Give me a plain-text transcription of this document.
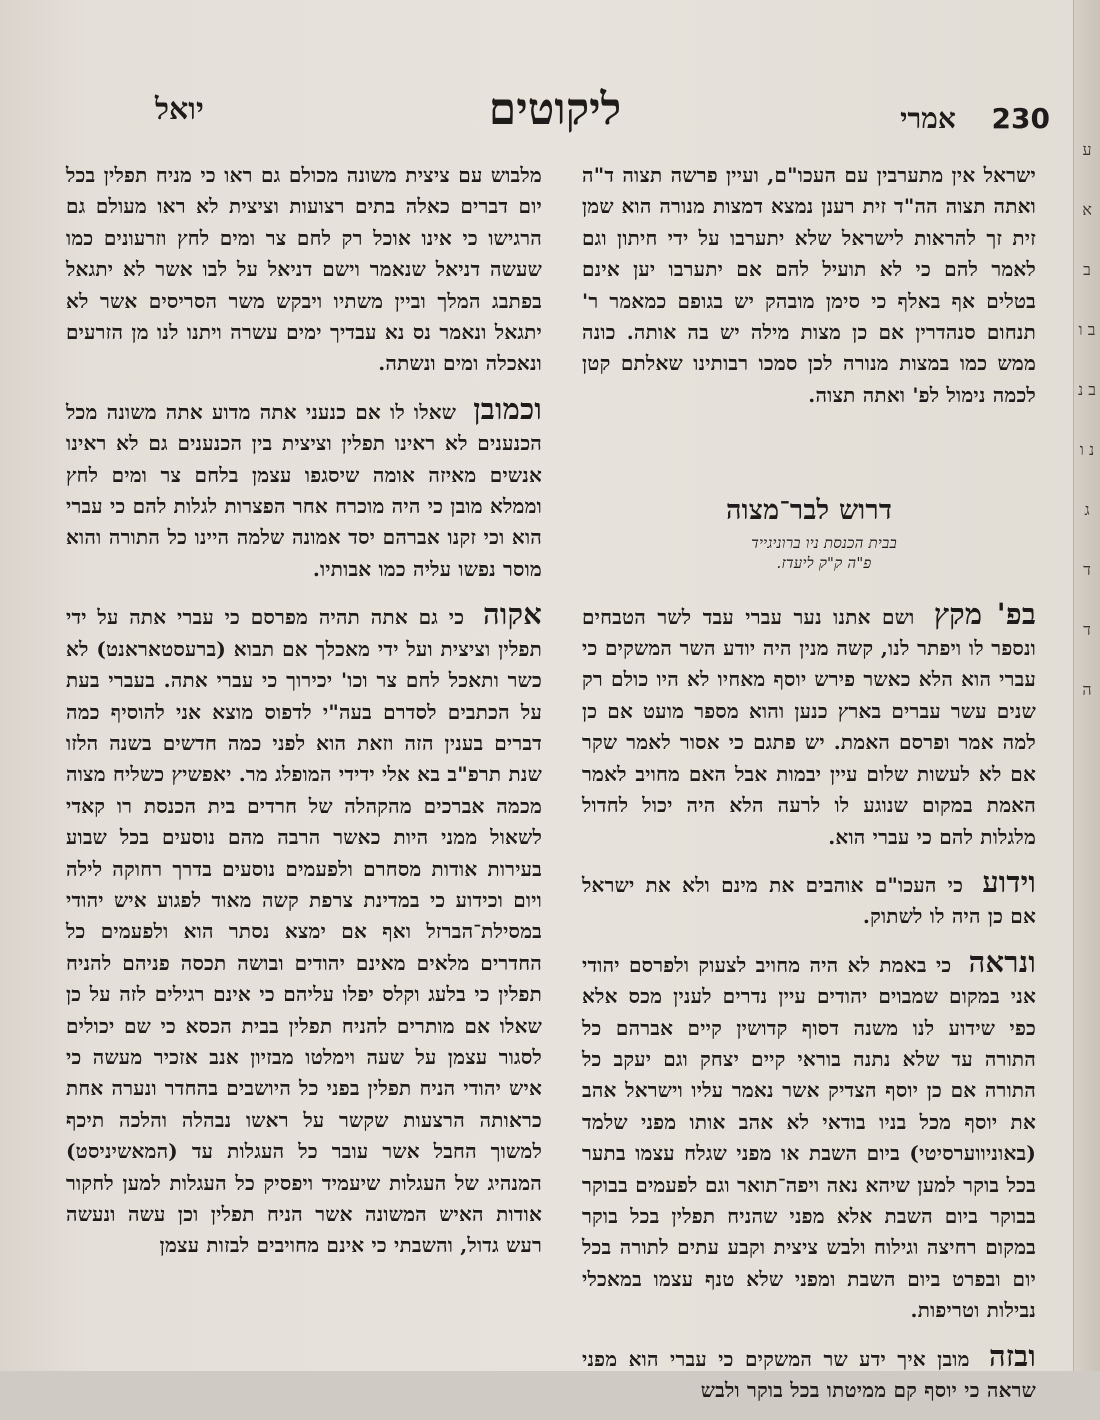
230 אמרי
ליקוטים
יואל

ישראל אין מתערבין עם העכו"ם, ועיין פרשה תצוה ד"ה ואתה תצוה הה"ד זית רענן נמצא דמצות מנורה הוא שמן זית זך להראות לישראל שלא יתערבו על ידי חיתון וגם לאמר להם כי לא תועיל להם אם יתערבו יען אינם בטלים אף באלף כי סימן מובהק יש בגופם כמאמר ר' תנחום סנהדרין אם כן מצות מילה יש בה אותה. כונה ממש כמו במצות מנורה לכן סמכו רבותינו שאלתם קטן לכמה נימול לפ' ואתה תצוה.

דרוש לבר־מצוה
בבית הכנסת ניו ברוניגייד
פ"ה ק"ק ליעדז.

בפ' מקץ ושם אתנו נער עברי עבד לשר הטבחים ונספר לו ויפתר לנו, קשה מנין היה יודע השר המשקים כי עברי הוא הלא כאשר פירש יוסף מאחיו לא היו כולם רק שנים עשר עברים בארץ כנען והוא מספר מועט אם כן למה אמר ופרסם האמת. יש פתגם כי אסור לאמר שקר אם לא לעשות שלום עיין יבמות אבל האם מחויב לאמר האמת במקום שנוגע לו לרעה הלא היה יכול לחדול מלגלות להם כי עברי הוא.

וידוע כי העכו"ם אוהבים את מינם ולא את ישראל אם כן היה לו לשתוק.

ונראה כי באמת לא היה מחויב לצעוק ולפרסם יהודי אני במקום שמבוים יהודים עיין נדרים לענין מכס אלא כפי שידוע לנו משנה דסוף קדושין קיים אברהם כל התורה עד שלא נתנה בוראי קיים יצחק וגם יעקב כל התורה אם כן יוסף הצדיק אשר נאמר עליו וישראל אהב את יוסף מכל בניו בודאי לא אהב אותו מפני שלמד (באוניווערסיטי) ביום השבת או מפני שגלח עצמו בתער בכל בוקר למען שיהא נאה ויפה־תואר וגם לפעמים בבוקר בבוקר ביום השבת אלא מפני שהניח תפלין בכל בוקר במקום רחיצה וגילוח ולבש ציצית וקבע עתים לתורה בכל יום ובפרט ביום השבת ומפני שלא טנף עצמו במאכלי נבילות וטריפות.

ובזה מובן איך ידע שר המשקים כי עברי הוא מפני שראה כי יוסף קם ממיטתו בכל בוקר ולבש

מלבוש עם ציצית משונה מכולם גם ראו כי מניח תפלין בכל יום דברים כאלה בתים רצועות וציצית לא ראו מעולם גם הרגישו כי אינו אוכל רק לחם צר ומים לחץ וזרעונים כמו שעשה דניאל שנאמר וישם דניאל על לבו אשר לא יתגאל בפתבג המלך וביין משתיו ויבקש משר הסריסים אשר לא יתגאל ונאמר נס נא עבדיך ימים עשרה ויתנו לנו מן הזרעים ונאכלה ומים ונשתה.

וכמובן שאלו לו אם כנעני אתה מדוע אתה משונה מכל הכנענים לא ראינו תפלין וציצית בין הכנענים גם לא ראינו אנשים מאיזה אומה שיסגפו עצמן בלחם צר ומים לחץ וממלא מובן כי היה מוכרח אחר הפצרות לגלות להם כי עברי הוא וכי זקנו אברהם יסד אמונה שלמה היינו כל התורה והוא מוסר נפשו עליה כמו אבותיו.

אקוה כי גם אתה תהיה מפרסם כי עברי אתה על ידי תפלין וציצית ועל ידי מאכלך אם תבוא (ברעסטאראנט) לא כשר ותאכל לחם צר וכו' יכירוך כי עברי אתה. בעברי בעת על הכתבים לסדרם בעה"י לדפוס מוצא אני להוסיף כמה דברים בענין הזה וזאת הוא לפני כמה חדשים בשנה הלזו שנת תרפ"ב בא אלי ידידי המופלג מר. יאפשיץ כשליח מצוה מכמה אברכים מהקהלה של חרדים בית הכנסת רו קאדי לשאול ממני היות כאשר הרבה מהם נוסעים בכל שבוע בעירות אודות מסחרם ולפעמים נוסעים בדרך רחוקה לילה ויום וכידוע כי במדינת צרפת קשה מאוד לפגוע איש יהודי במסילת־הברזל ואף אם ימצא נסתר הוא ולפעמים כל החדרים מלאים מאינם יהודים ובושה תכסה פניהם להניח תפלין כי בלעג וקלס יפלו עליהם כי אינם רגילים לזה על כן שאלו אם מותרים להניח תפלין בבית הכסא כי שם יכולים לסגור עצמן על שעה וימלטו מבזיון אנב אזכיר מעשה כי איש יהודי הניח תפלין בפני כל היושבים בהחדר ונערה אחת כראותה הרצעות שקשר על ראשו נבהלה והלכה תיכף למשוך החבל אשר עובר כל העגלות עד (המאשיניסט) המנהיג של העגלות שיעמיד ויפסיק כל העגלות למען לחקור אודות האיש המשונה אשר הניח תפלין וכן עשה ונעשה רעש גדול, והשבתי כי אינם מחויבים לבזות עצמן

ע א ב ב ו ב נ נ ו ג ד ד ה
